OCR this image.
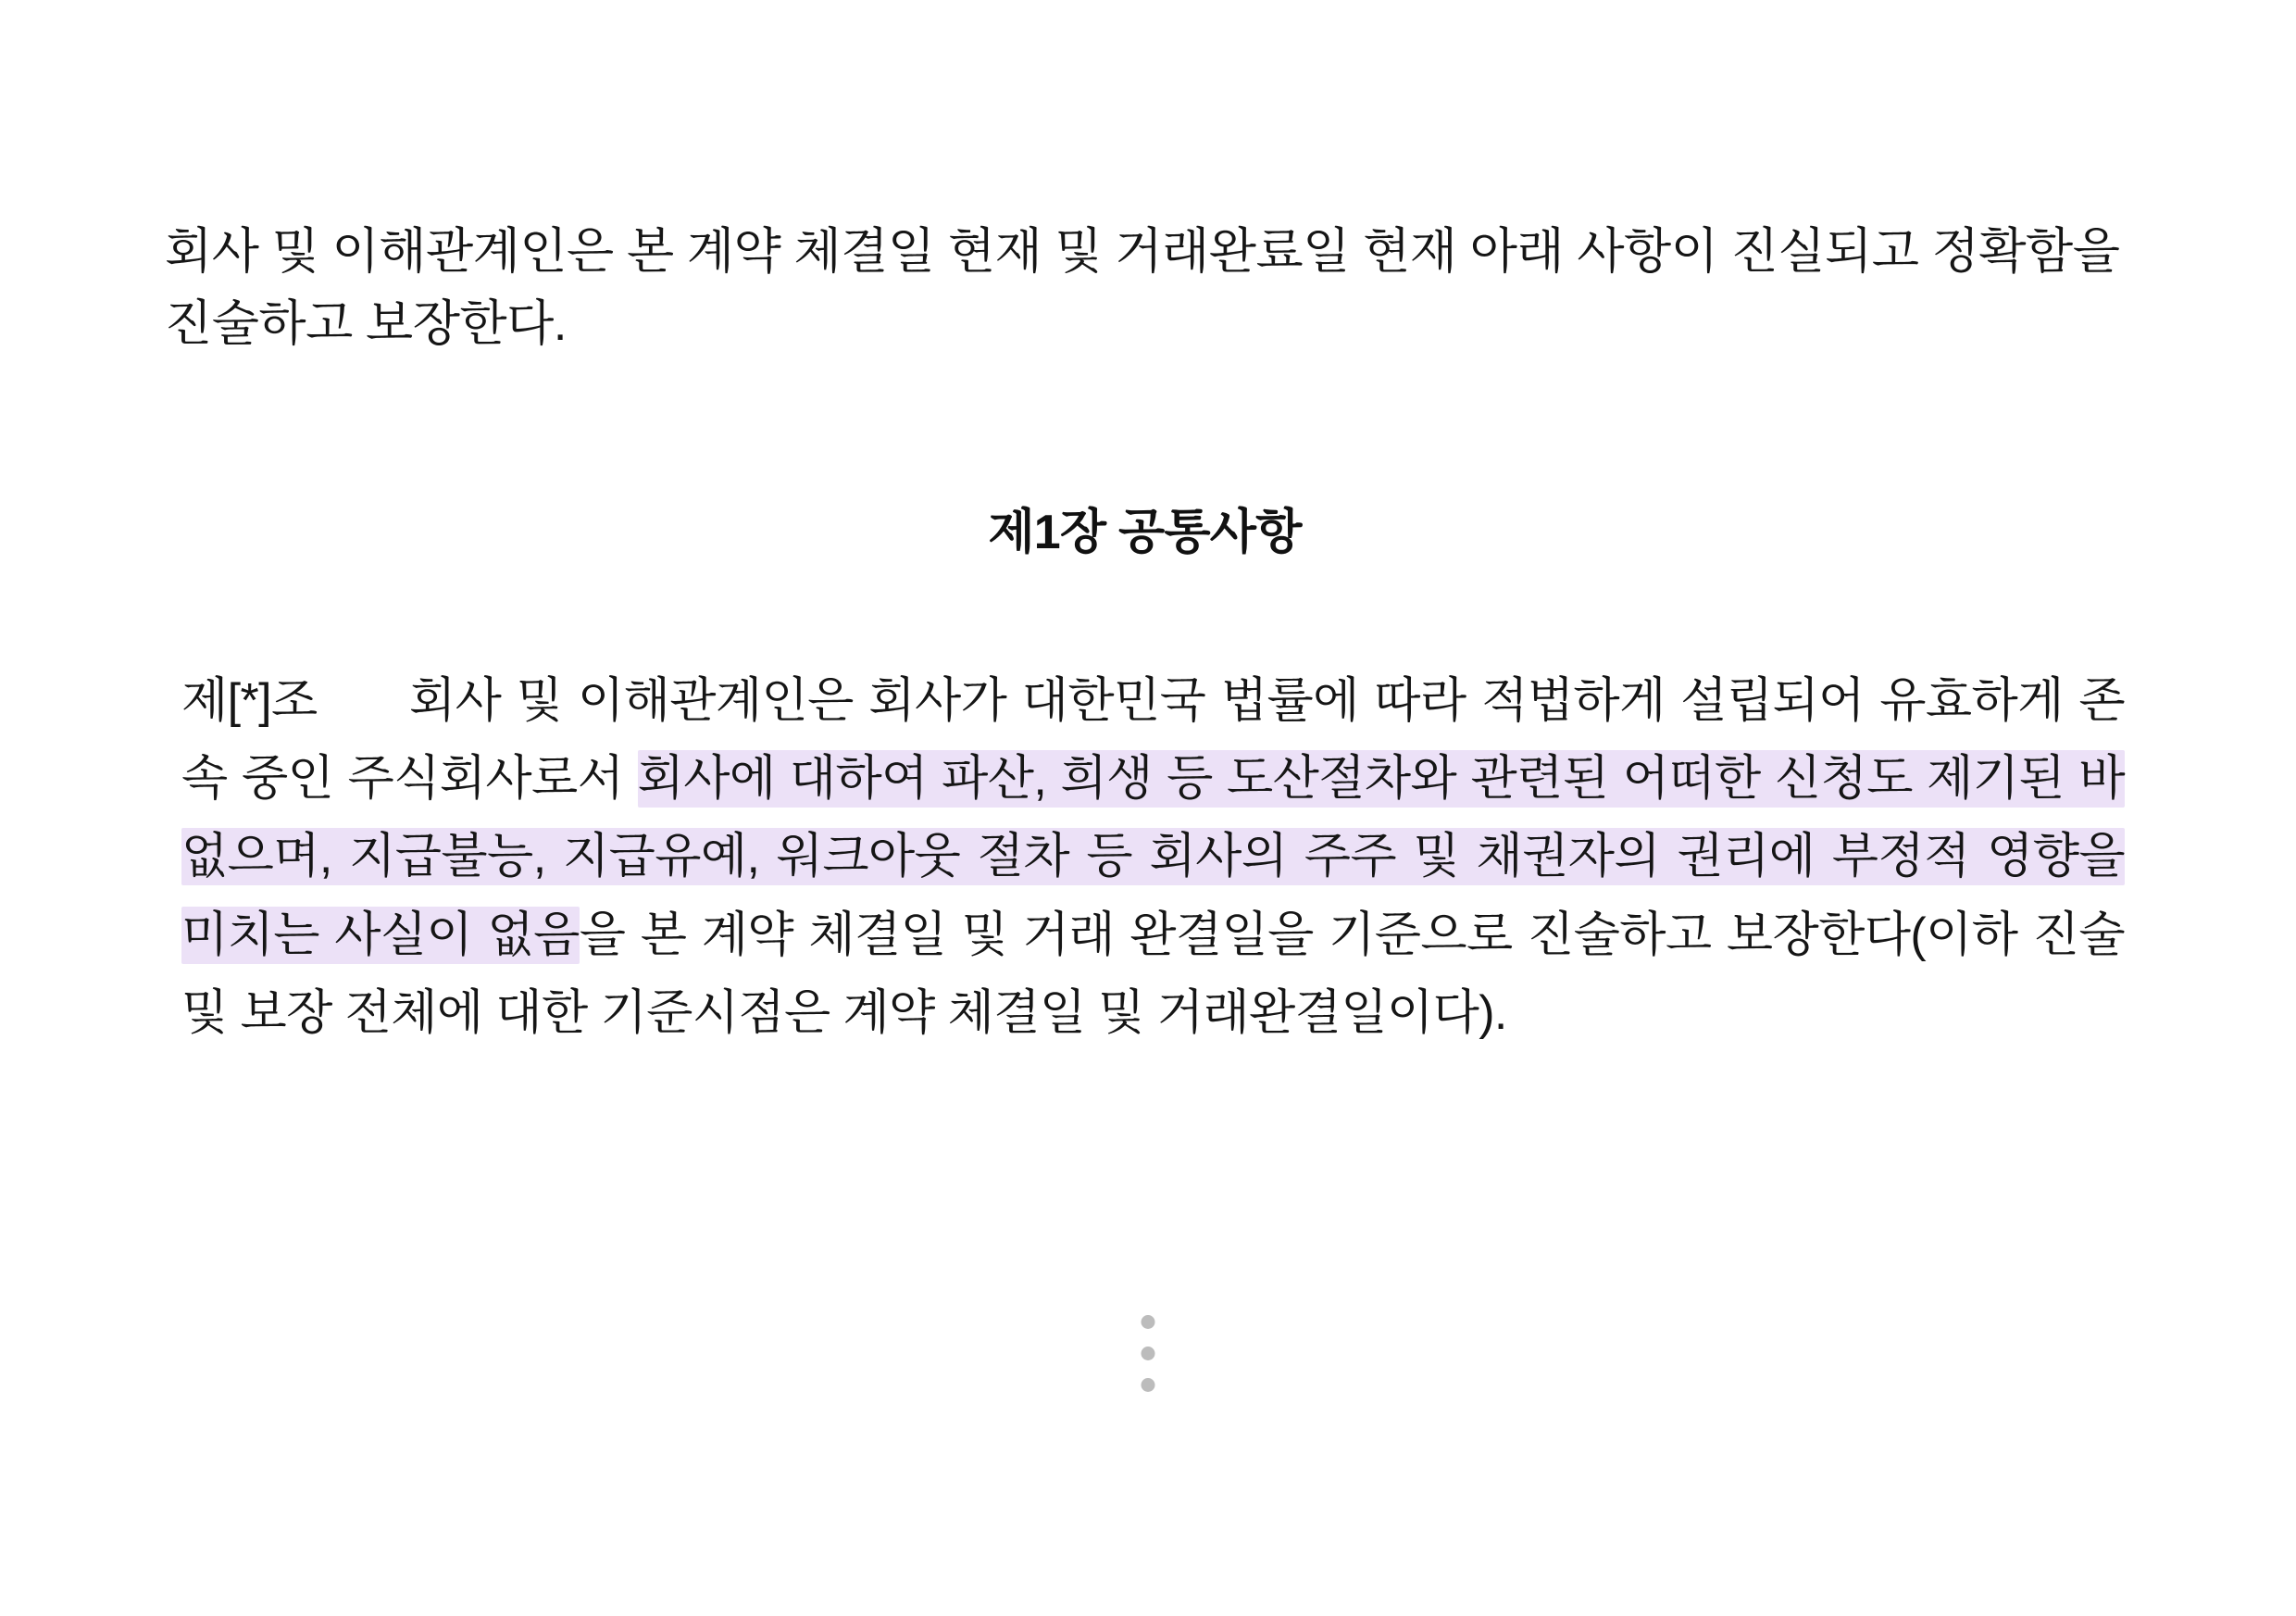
회사 및 이해관계인은 본 계약 체결일 현재 및 거래완료일 현재 아래 사항이 진실되고 정확함을 진술하고 보장한다.

제1장 공통사항

제[*]조 회사 및 이해관계인은 회사가 대한민국 법률에 따라 적법하게 설립되어 유효하게 존속 중인 주식회사로서 회사에 대하여 파산, 희생 등 도산절차와 관련된 어떠한 신청도 제기된 바 없으며, 지급불능, 지급유예, 워크아웃 절차 등 회사의 주주 및 채권자의 권리에 부정적 영향을 미치는 사실이 없음을 본 계약 체결일 및 거래 완결일을 기준으로 진술하고 보장한다(이하 진술 및 보장 전체에 대한 기준시점은 계약 체결일 및 거래완결일이다).
